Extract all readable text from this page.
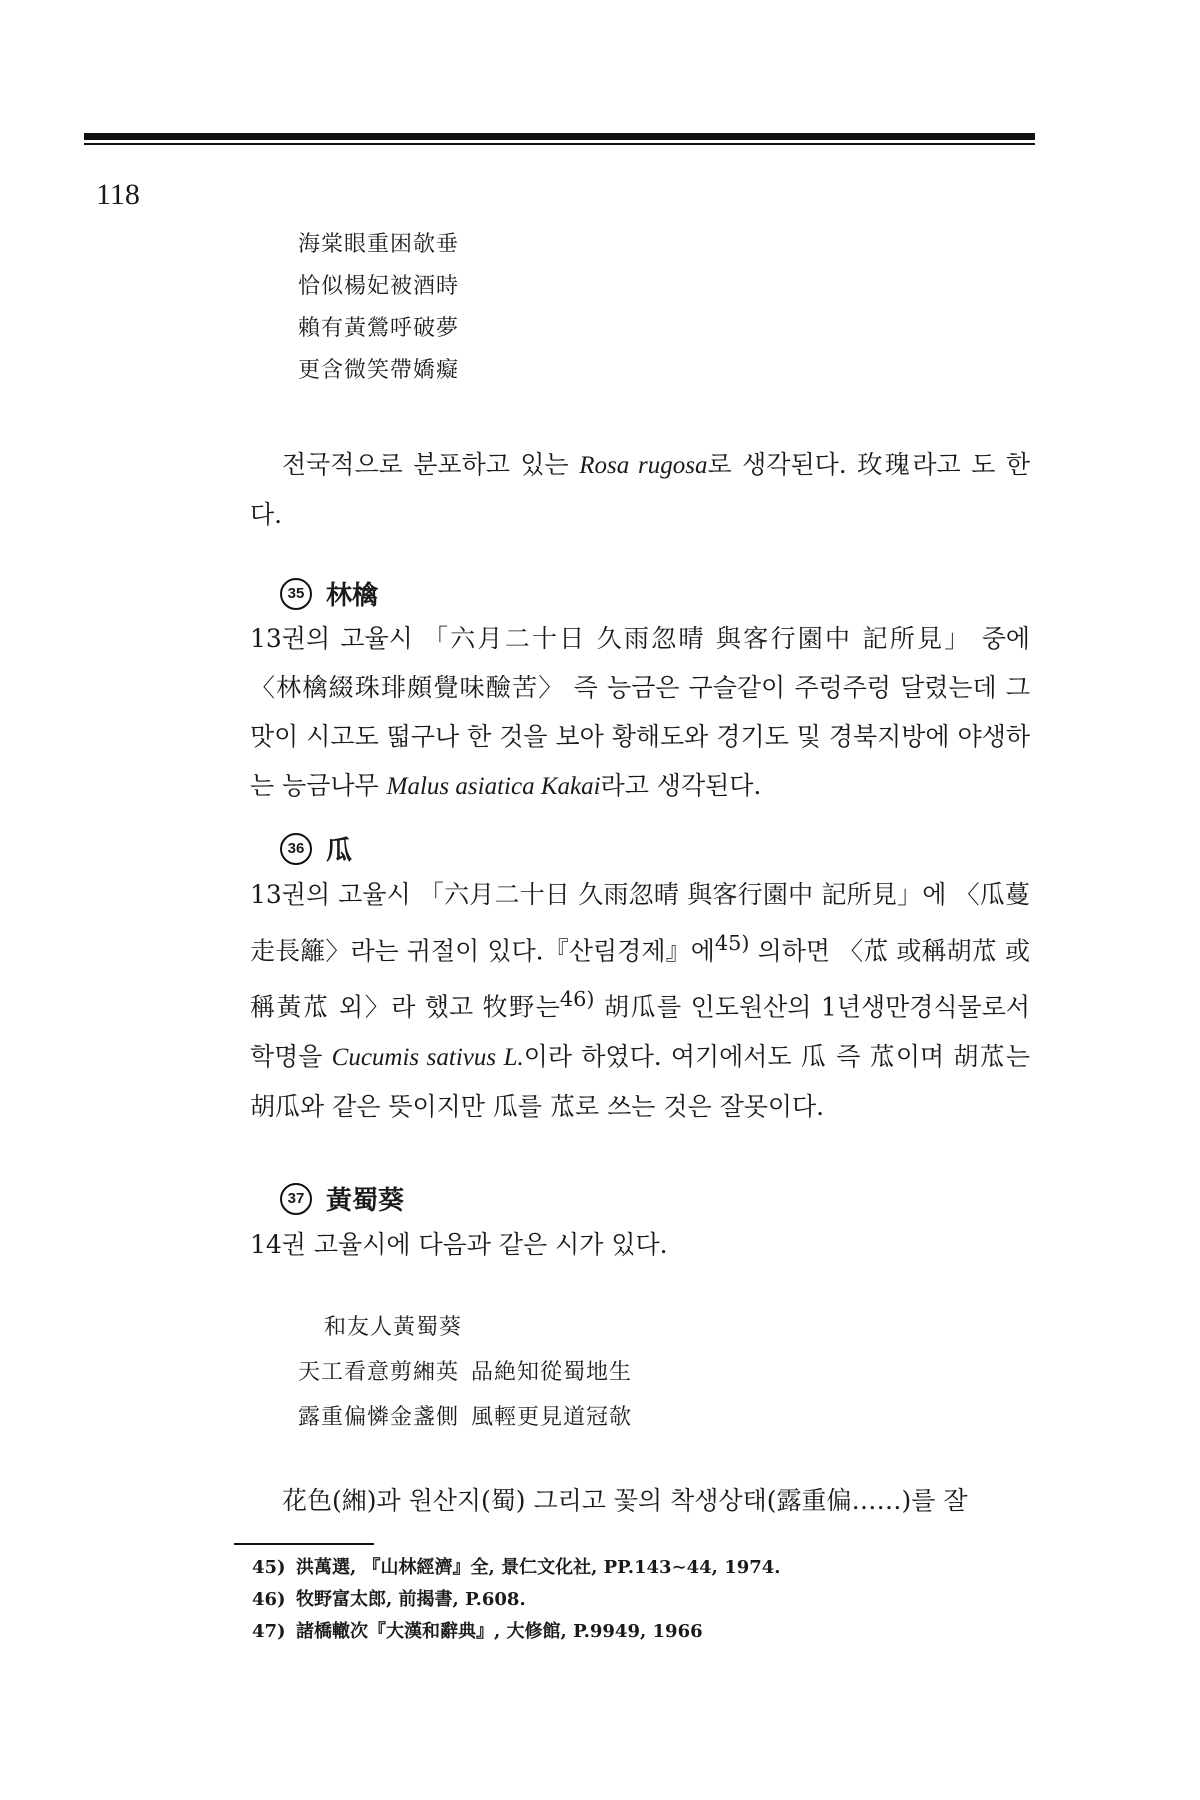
118
海棠眼重困欹垂
恰似楊妃被酒時
賴有黃鶯呼破夢
更含微笑帶嬌癡
전국적으로 분포하고 있는 Rosa rugosa로 생각된다. 玫瑰라고 도 한다.
35 林檎
13권의 고율시 「六月二十日 久雨忽晴 與客行園中 記所見」 중에 〈林檎綴珠琲頗覺味醶苦〉 즉 능금은 구슬같이 주렁주렁 달렸는데 그 맛이 시고도 떫구나 한 것을 보아 황해도와 경기도 및 경북지방에 야생하는 능금나무 Malus asiatica Kakai라고 생각된다.
36 瓜
13권의 고율시 「六月二十日 久雨忽晴 與客行園中 記所見」에 〈瓜蔓走長籬〉라는 귀절이 있다.『산림경제』에$^{45)}$ 의하면 〈苽 或稱胡苽 或稱黃苽 외〉라 했고 牧野는$^{46)}$ 胡瓜를 인도원산의 1년생만경식물로서 학명을 Cucumis sativus L.이라 하였다. 여기에서도 瓜 즉 苽이며 胡苽는 胡瓜와 같은 뜻이지만 瓜를 苽로 쓰는 것은 잘못이다.
37 黃蜀葵
14권 고율시에 다음과 같은 시가 있다.
和友人黃蜀葵
天工看意剪緗英 品絶知從蜀地生
露重偏憐金盞側 風輕更見道冠欹
花色(緗)과 원산지(蜀) 그리고 꽃의 착생상태(露重偏……)를 잘
45) 洪萬選, 『山林經濟』全, 景仁文化社, PP.143∼44, 1974.
46) 牧野富太郎, 前揭書, P.608.
47) 諸橋轍次『大漢和辭典』, 大修館, P.9949, 1966
